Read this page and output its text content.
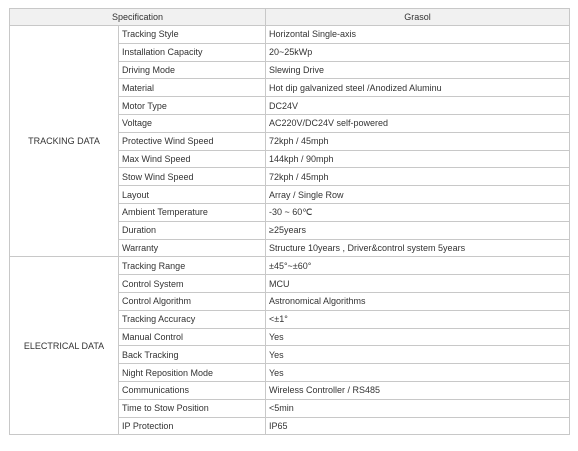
Specification		Grasol
TRACKING DATA	Tracking Style	Horizontal Single-axis
	Installation Capacity	20~25kWp
	Driving Mode	Slewing Drive
	Material	Hot dip galvanized steel /Anodized Aluminu
	Motor Type	DC24V
	Voltage	AC220V/DC24V self-powered
	Protective Wind Speed	72kph / 45mph
	Max Wind Speed	144kph / 90mph
	Stow Wind Speed	72kph / 45mph
	Layout	Array / Single Row
	Ambient Temperature	-30 ~ 60℃
	Duration	≥25years
	Warranty	Structure 10years , Driver&control system 5years
ELECTRICAL DATA	Tracking Range	±45°~±60°
	Control System	MCU
	Control Algorithm	Astronomical Algorithms
	Tracking Accuracy	<±1°
	Manual Control	Yes
	Back Tracking	Yes
	Night Reposition Mode	Yes
	Communications	Wireless Controller / RS485
	Time to Stow Position	<5min
	IP Protection	IP65
